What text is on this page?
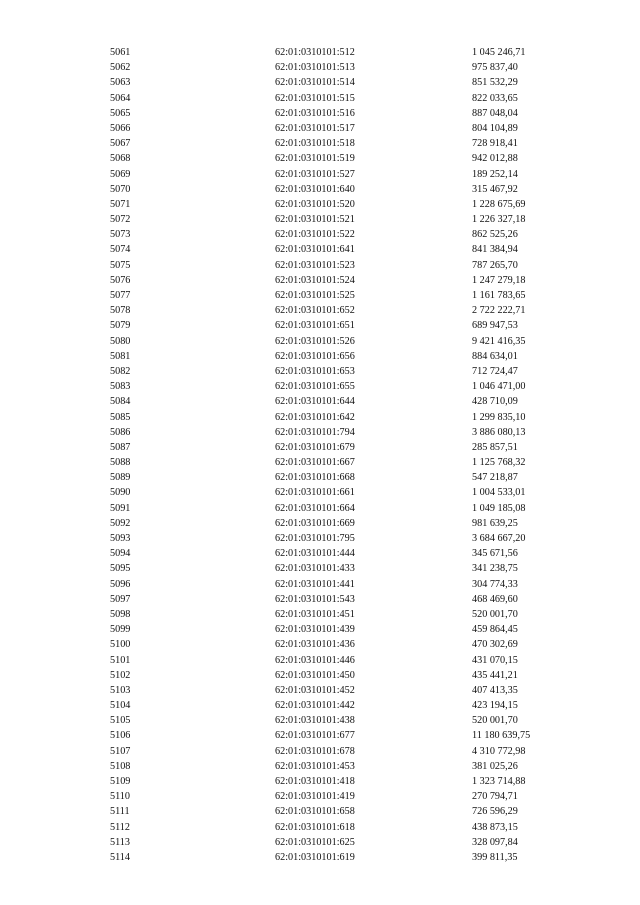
5061	62:01:0310101:512	1 045 246,71
5062	62:01:0310101:513	975 837,40
5063	62:01:0310101:514	851 532,29
5064	62:01:0310101:515	822 033,65
5065	62:01:0310101:516	887 048,04
5066	62:01:0310101:517	804 104,89
5067	62:01:0310101:518	728 918,41
5068	62:01:0310101:519	942 012,88
5069	62:01:0310101:527	189 252,14
5070	62:01:0310101:640	315 467,92
5071	62:01:0310101:520	1 228 675,69
5072	62:01:0310101:521	1 226 327,18
5073	62:01:0310101:522	862 525,26
5074	62:01:0310101:641	841 384,94
5075	62:01:0310101:523	787 265,70
5076	62:01:0310101:524	1 247 279,18
5077	62:01:0310101:525	1 161 783,65
5078	62:01:0310101:652	2 722 222,71
5079	62:01:0310101:651	689 947,53
5080	62:01:0310101:526	9 421 416,35
5081	62:01:0310101:656	884 634,01
5082	62:01:0310101:653	712 724,47
5083	62:01:0310101:655	1 046 471,00
5084	62:01:0310101:644	428 710,09
5085	62:01:0310101:642	1 299 835,10
5086	62:01:0310101:794	3 886 080,13
5087	62:01:0310101:679	285 857,51
5088	62:01:0310101:667	1 125 768,32
5089	62:01:0310101:668	547 218,87
5090	62:01:0310101:661	1 004 533,01
5091	62:01:0310101:664	1 049 185,08
5092	62:01:0310101:669	981 639,25
5093	62:01:0310101:795	3 684 667,20
5094	62:01:0310101:444	345 671,56
5095	62:01:0310101:433	341 238,75
5096	62:01:0310101:441	304 774,33
5097	62:01:0310101:543	468 469,60
5098	62:01:0310101:451	520 001,70
5099	62:01:0310101:439	459 864,45
5100	62:01:0310101:436	470 302,69
5101	62:01:0310101:446	431 070,15
5102	62:01:0310101:450	435 441,21
5103	62:01:0310101:452	407 413,35
5104	62:01:0310101:442	423 194,15
5105	62:01:0310101:438	520 001,70
5106	62:01:0310101:677	11 180 639,75
5107	62:01:0310101:678	4 310 772,98
5108	62:01:0310101:453	381 025,26
5109	62:01:0310101:418	1 323 714,88
5110	62:01:0310101:419	270 794,71
5111	62:01:0310101:658	726 596,29
5112	62:01:0310101:618	438 873,15
5113	62:01:0310101:625	328 097,84
5114	62:01:0310101:619	399 811,35
